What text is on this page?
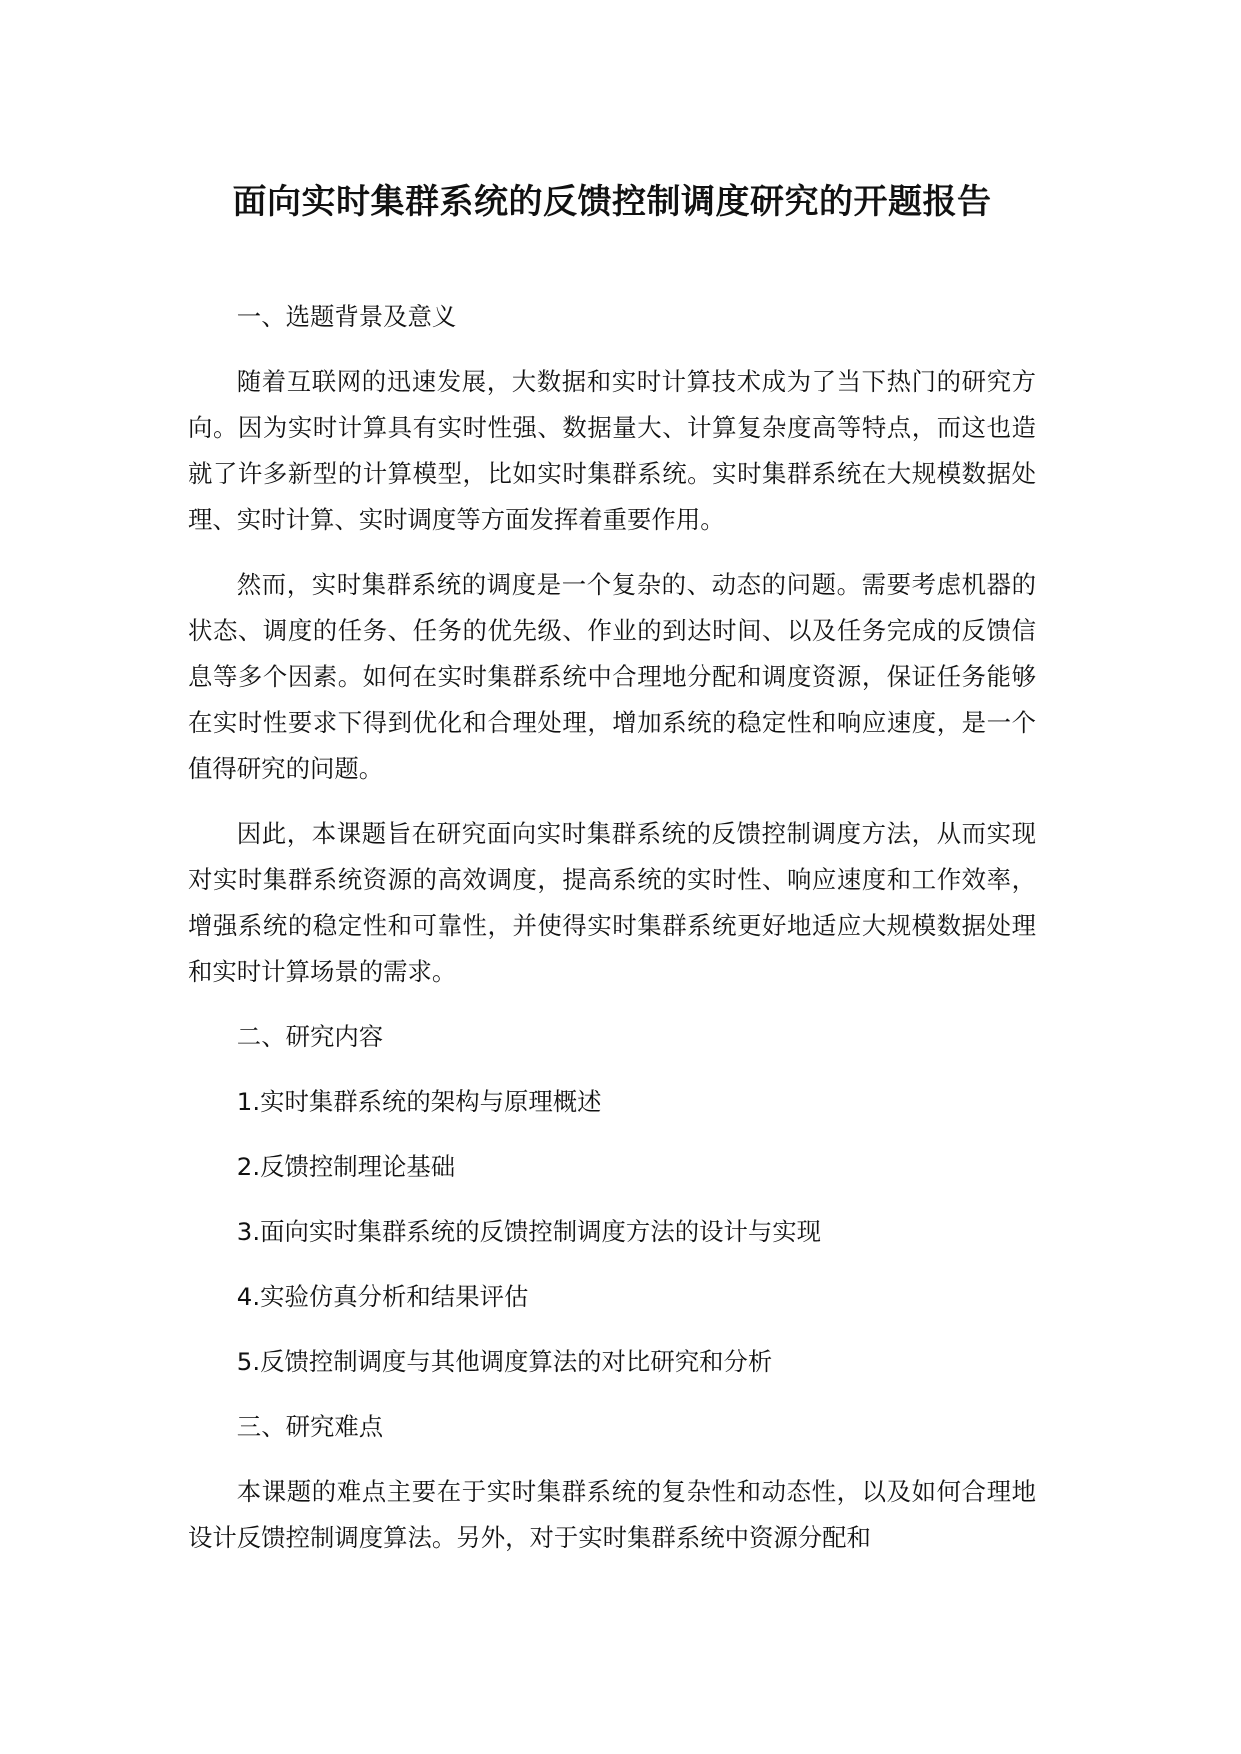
面向实时集群系统的反馈控制调度研究的开题报告

一、选题背景及意义

随着互联网的迅速发展，大数据和实时计算技术成为了当下热门的研究方向。因为实时计算具有实时性强、数据量大、计算复杂度高等特点，而这也造就了许多新型的计算模型，比如实时集群系统。实时集群系统在大规模数据处理、实时计算、实时调度等方面发挥着重要作用。

然而，实时集群系统的调度是一个复杂的、动态的问题。需要考虑机器的状态、调度的任务、任务的优先级、作业的到达时间、以及任务完成的反馈信息等多个因素。如何在实时集群系统中合理地分配和调度资源，保证任务能够在实时性要求下得到优化和合理处理，增加系统的稳定性和响应速度，是一个值得研究的问题。

因此，本课题旨在研究面向实时集群系统的反馈控制调度方法，从而实现对实时集群系统资源的高效调度，提高系统的实时性、响应速度和工作效率，增强系统的稳定性和可靠性，并使得实时集群系统更好地适应大规模数据处理和实时计算场景的需求。

二、研究内容

1.实时集群系统的架构与原理概述

2.反馈控制理论基础

3.面向实时集群系统的反馈控制调度方法的设计与实现

4.实验仿真分析和结果评估

5.反馈控制调度与其他调度算法的对比研究和分析

三、研究难点

本课题的难点主要在于实时集群系统的复杂性和动态性，以及如何合理地设计反馈控制调度算法。另外，对于实时集群系统中资源分配和
